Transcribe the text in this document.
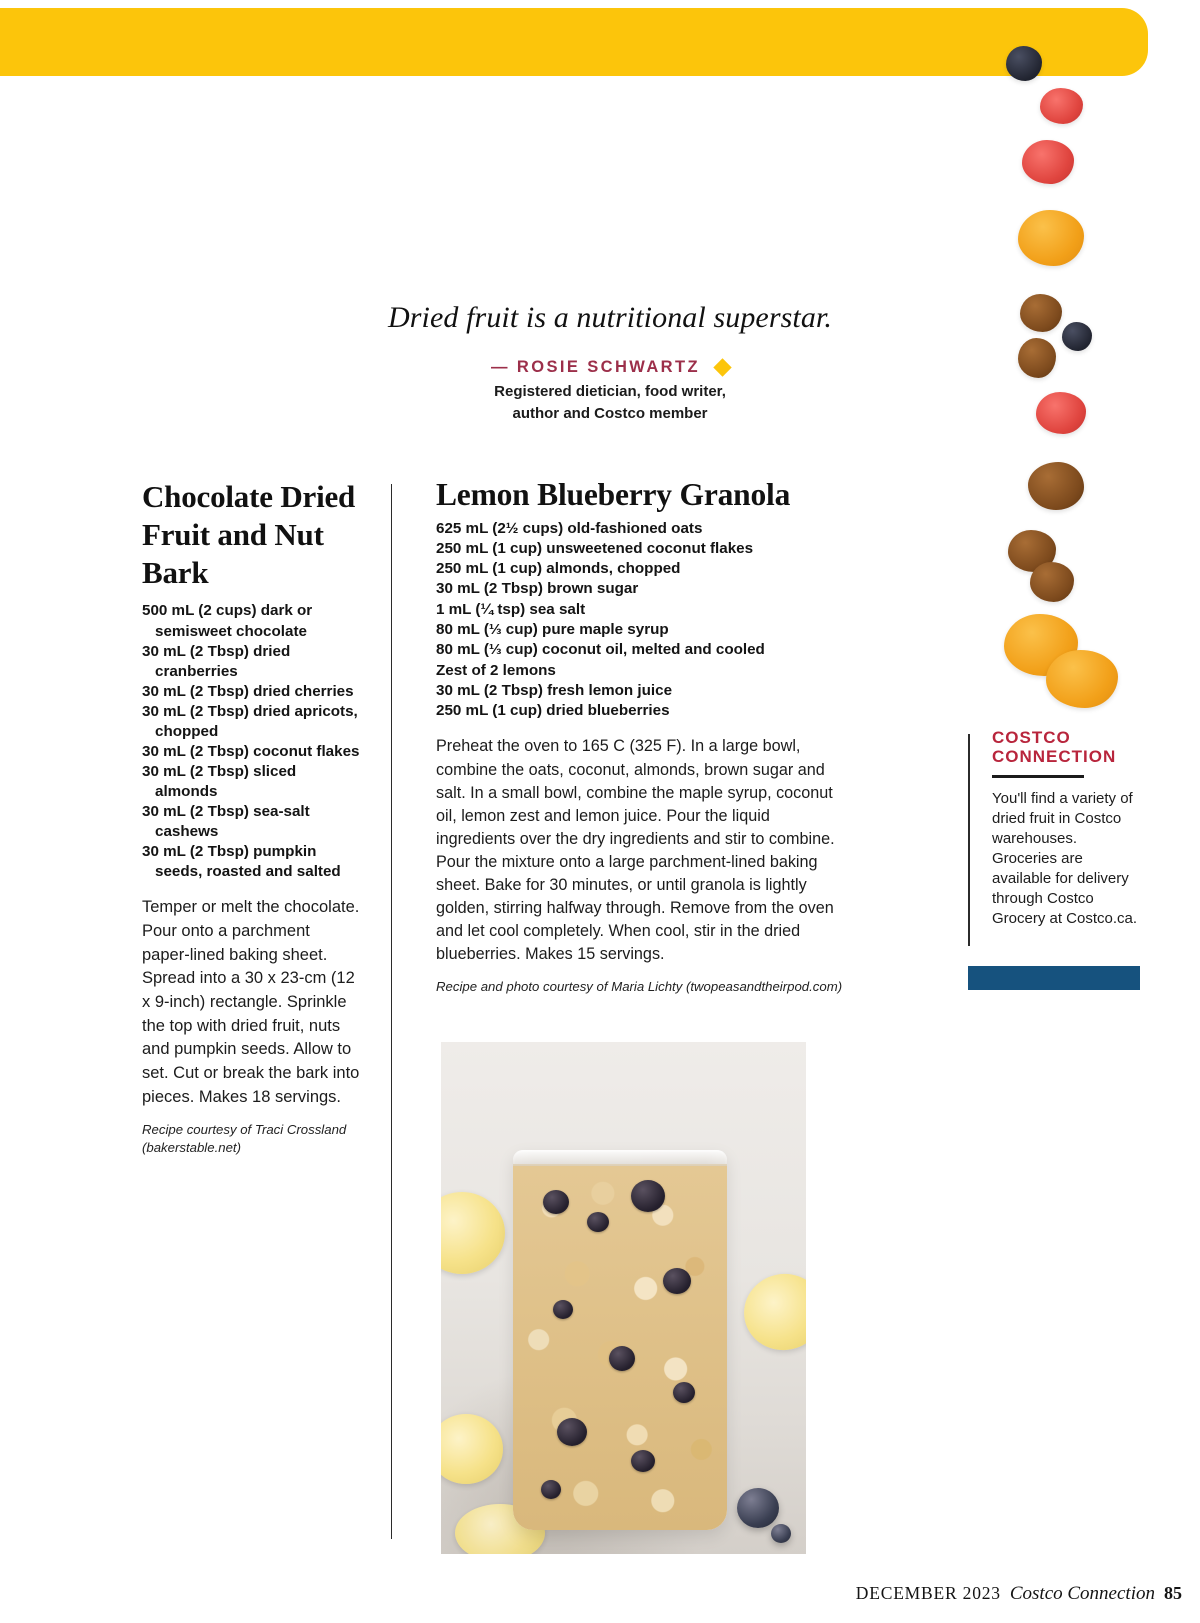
Dried fruit is a nutritional superstar.
— ROSIE SCHWARTZ
Registered dietician, food writer,
author and Costco member
Chocolate Dried Fruit and Nut Bark
500 mL (2 cups) dark or semisweet chocolate
30 mL (2 Tbsp) dried cranberries
30 mL (2 Tbsp) dried cherries
30 mL (2 Tbsp) dried apricots, chopped
30 mL (2 Tbsp) coconut flakes
30 mL (2 Tbsp) sliced almonds
30 mL (2 Tbsp) sea-salt cashews
30 mL (2 Tbsp) pumpkin seeds, roasted and salted

Temper or melt the chocolate. Pour onto a parchment paper-lined baking sheet. Spread into a 30 x 23-cm (12 x 9-inch) rectangle. Sprinkle the top with dried fruit, nuts and pumpkin seeds. Allow to set. Cut or break the bark into pieces. Makes 18 servings.

Recipe courtesy of Traci Crossland (bakerstable.net)

Lemon Blueberry Granola
625 mL (2½ cups) old-fashioned oats
250 mL (1 cup) unsweetened coconut flakes
250 mL (1 cup) almonds, chopped
30 mL (2 Tbsp) brown sugar
1 mL (¼ tsp) sea salt
80 mL (⅓ cup) pure maple syrup
80 mL (⅓ cup) coconut oil, melted and cooled
Zest of 2 lemons
30 mL (2 Tbsp) fresh lemon juice
250 mL (1 cup) dried blueberries

Preheat the oven to 165 C (325 F). In a large bowl, combine the oats, coconut, almonds, brown sugar and salt. In a small bowl, combine the maple syrup, coconut oil, lemon zest and lemon juice. Pour the liquid ingredients over the dry ingredients and stir to combine. Pour the mixture onto a large parchment-lined baking sheet. Bake for 30 minutes, or until granola is lightly golden, stirring halfway through. Remove from the oven and let cool completely. When cool, stir in the dried blueberries. Makes 15 servings.

Recipe and photo courtesy of Maria Lichty (twopeasandtheirpod.com)

COSTCO
CONNECTION

You'll find a variety of dried fruit in Costco warehouses. Groceries are available for delivery through Costco Grocery at Costco.ca.

DECEMBER 2023 Costco Connection 85
